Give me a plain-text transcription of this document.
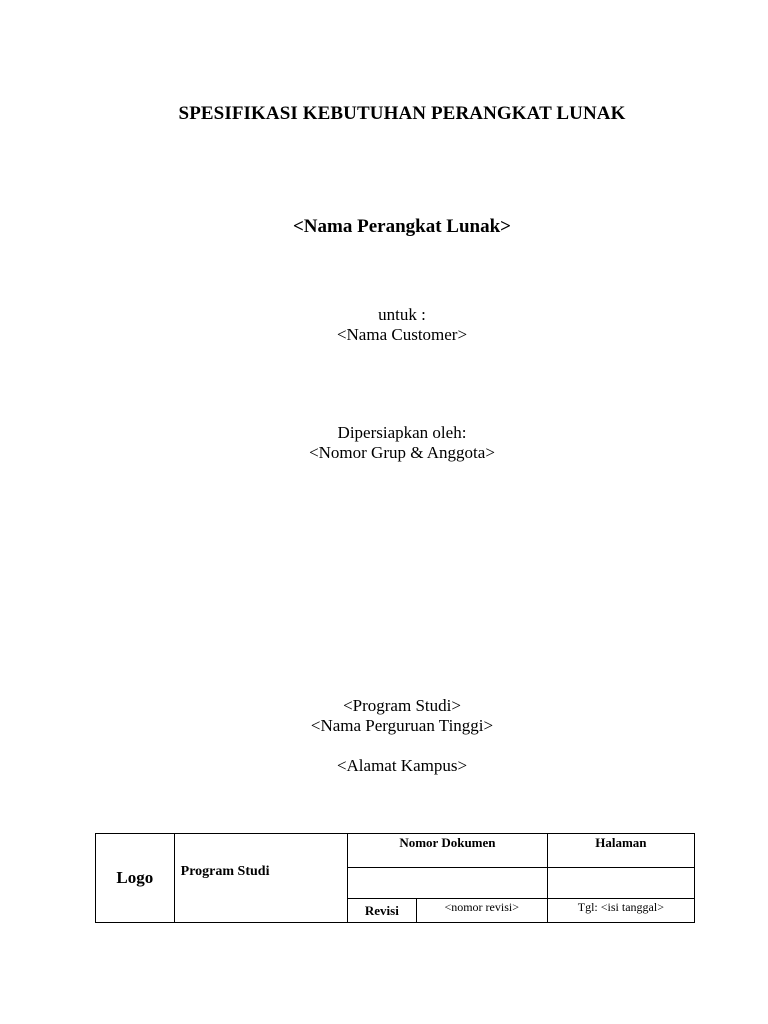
SPESIFIKASI KEBUTUHAN PERANGKAT LUNAK
<Nama Perangkat Lunak>
untuk :
<Nama Customer>
Dipersiapkan oleh:
<Nomor Grup & Anggota>
<Program Studi>
<Nama Perguruan Tinggi>
<Alamat Kampus>
Logo	Program Studi	Nomor Dokumen		Halaman

		Revisi	<nomor revisi>	Tgl: <isi tanggal>
